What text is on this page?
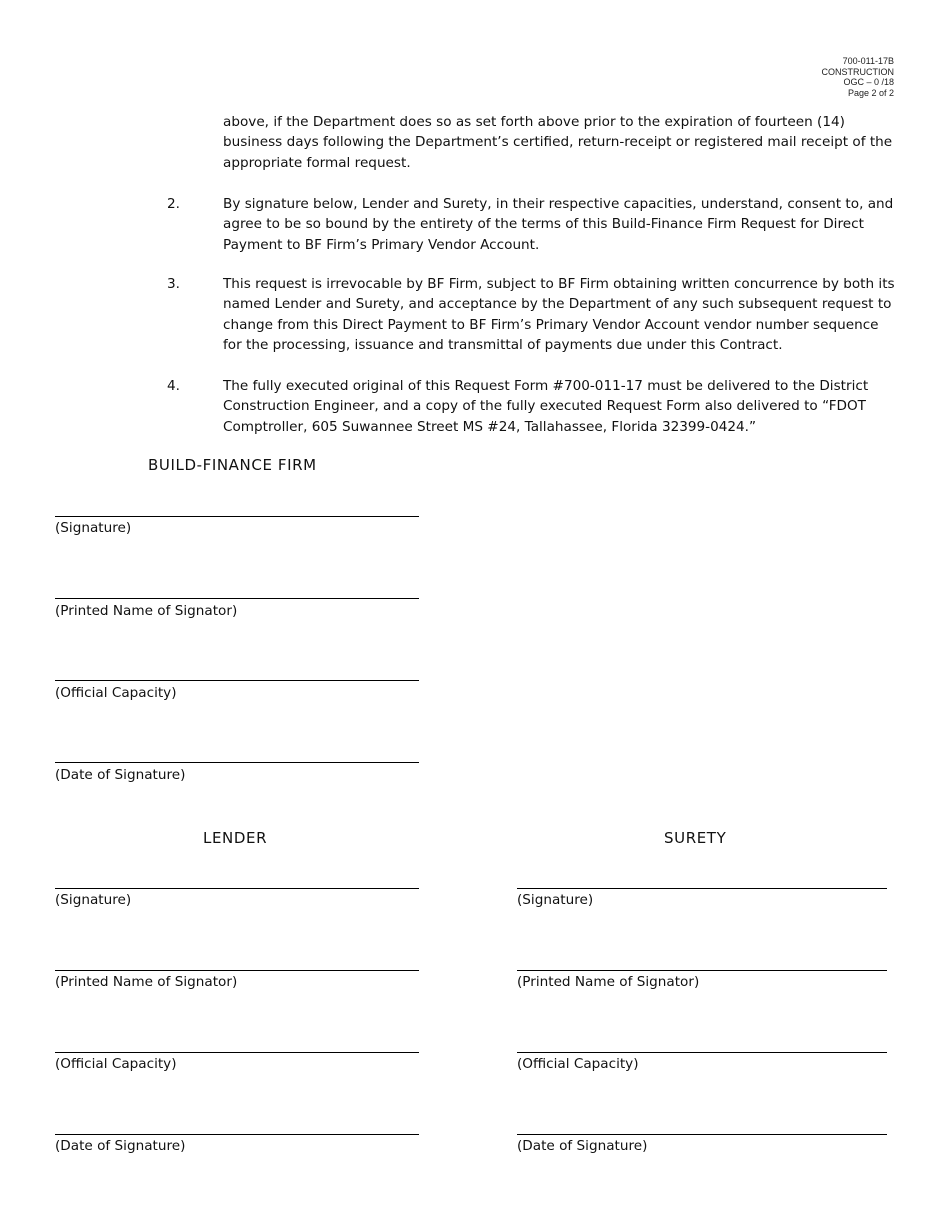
700-011-17B
CONSTRUCTION
OGC – 0 /18
Page 2 of 2

above, if the Department does so as set forth above prior to the expiration of fourteen (14) business days following the Department’s certified, return-receipt or registered mail receipt of the appropriate formal request.

2.	By signature below, Lender and Surety, in their respective capacities, understand, consent to, and agree to be so bound by the entirety of the terms of this Build-Finance Firm Request for Direct Payment to BF Firm’s Primary Vendor Account.
3.	This request is irrevocable by BF Firm, subject to BF Firm obtaining written concurrence by both its named Lender and Surety, and acceptance by the Department of any such subsequent request to change from this Direct Payment to BF Firm’s Primary Vendor Account vendor number sequence for the processing, issuance and transmittal of payments due under this Contract.
4.	The fully executed original of this Request Form #700-011-17 must be delivered to the District Construction Engineer, and a copy of the fully executed Request Form also delivered to “FDOT Comptroller, 605 Suwannee Street MS #24, Tallahassee, Florida 32399-0424.”
BUILD-FINANCE FIRM
(Signature)
(Printed Name of Signator)
(Official Capacity)
(Date of Signature)
LENDER
(Signature)
(Printed Name of Signator)
(Official Capacity)
(Date of Signature)
SURETY
(Signature)
(Printed Name of Signator)
(Official Capacity)
(Date of Signature)
